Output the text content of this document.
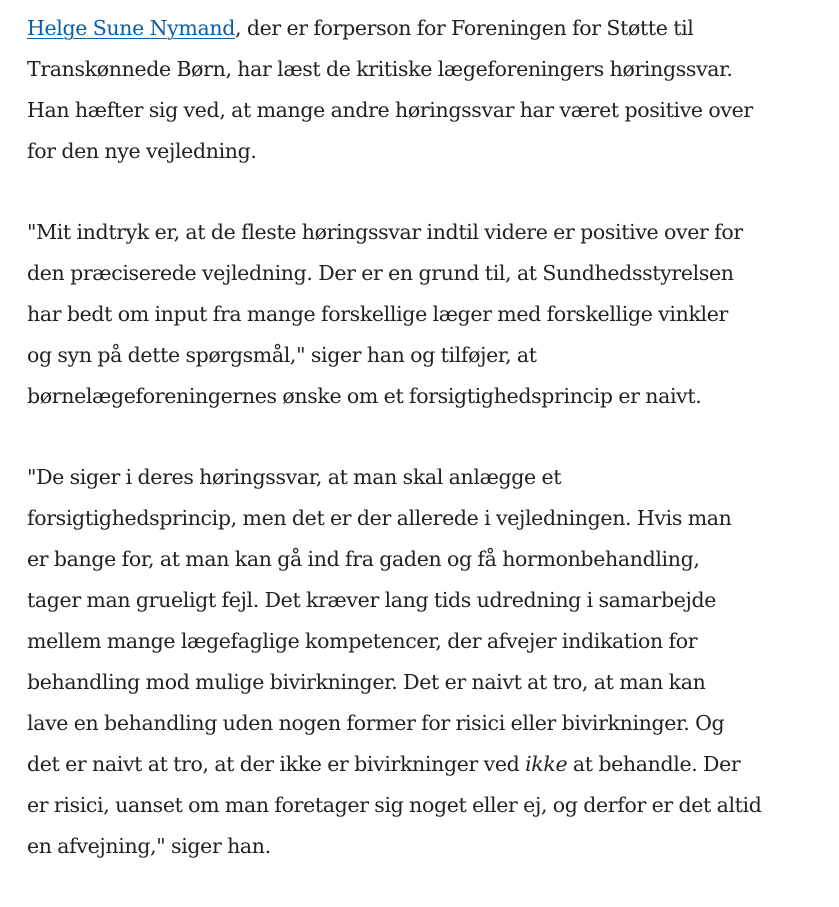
Helge Sune Nymand, der er forperson for Foreningen for Støtte til
Transkønnede Børn, har læst de kritiske lægeforeningers høringssvar.
Han hæfter sig ved, at mange andre høringssvar har været positive over
for den nye vejledning.

"Mit indtryk er, at de fleste høringssvar indtil videre er positive over for
den præciserede vejledning. Der er en grund til, at Sundhedsstyrelsen
har bedt om input fra mange forskellige læger med forskellige vinkler
og syn på dette spørgsmål," siger han og tilføjer, at
børnelægeforeningernes ønske om et forsigtighedsprincip er naivt.

"De siger i deres høringssvar, at man skal anlægge et
forsigtighedsprincip, men det er der allerede i vejledningen. Hvis man
er bange for, at man kan gå ind fra gaden og få hormonbehandling,
tager man grueligt fejl. Det kræver lang tids udredning i samarbejde
mellem mange lægefaglige kompetencer, der afvejer indikation for
behandling mod mulige bivirkninger. Det er naivt at tro, at man kan
lave en behandling uden nogen former for risici eller bivirkninger. Og
det er naivt at tro, at der ikke er bivirkninger ved ikke at behandle. Der
er risici, uanset om man foretager sig noget eller ej, og derfor er det altid
en afvejning," siger han.
